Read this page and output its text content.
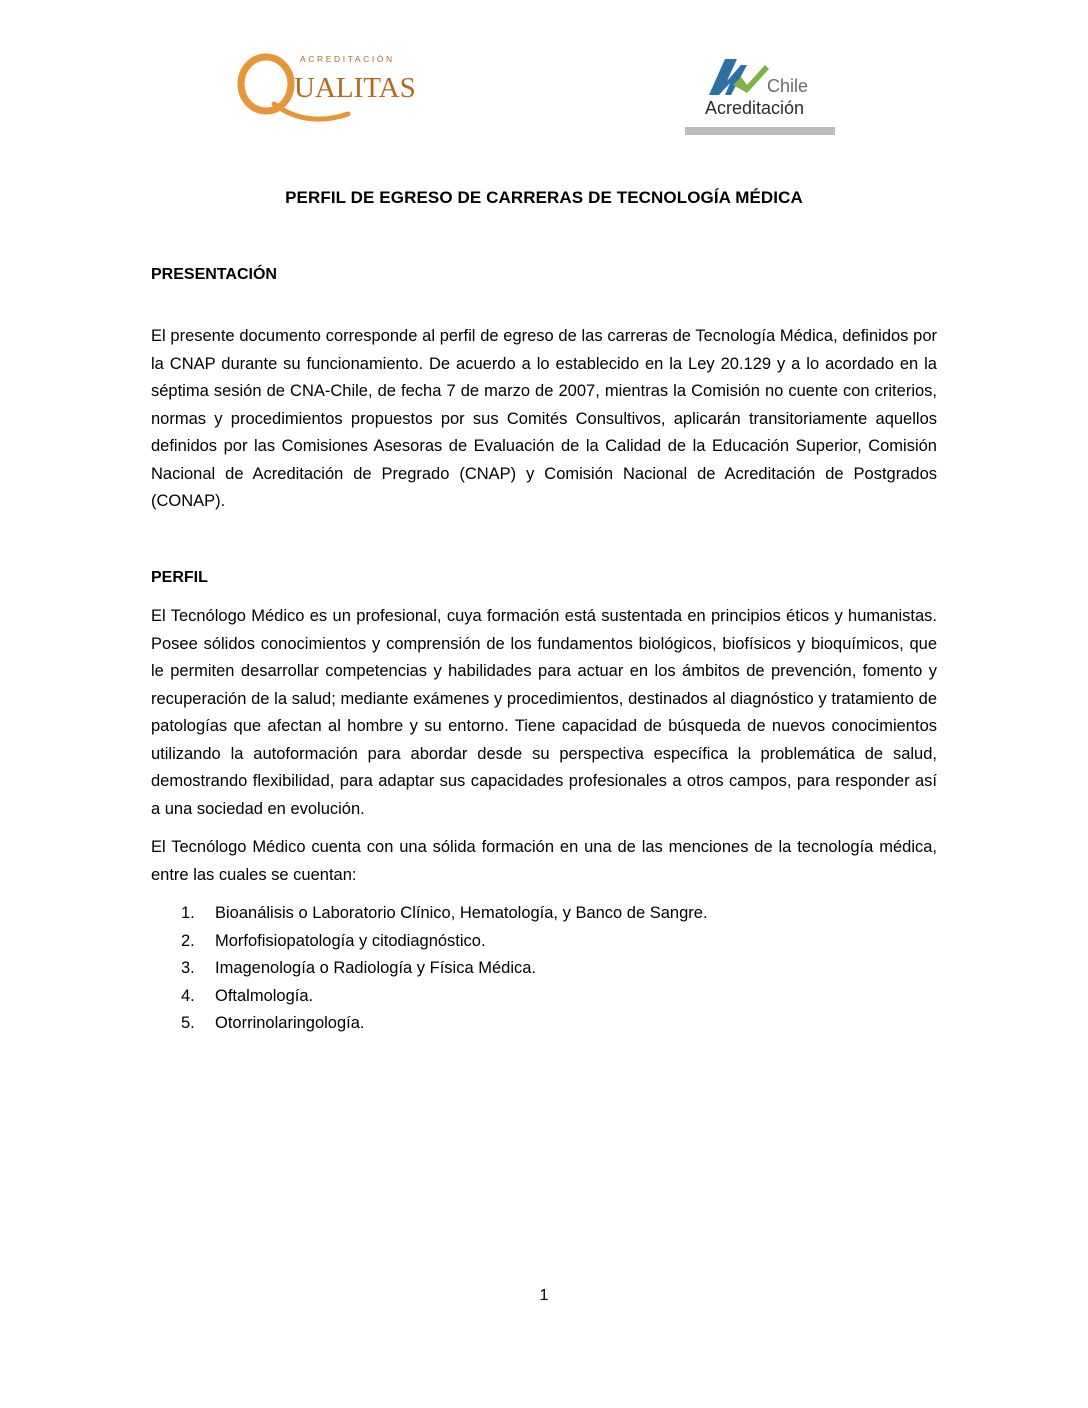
ACREDITACIÓN
UALITAS	Chile
Acreditación
PERFIL DE EGRESO DE CARRERAS DE TECNOLOGÍA MÉDICA
PRESENTACIÓN

El presente documento corresponde al perfil de egreso de las carreras de Tecnología Médica, definidos por la CNAP durante su funcionamiento. De acuerdo a lo establecido en la Ley 20.129 y a lo acordado en la séptima sesión de CNA-Chile, de fecha 7 de marzo de 2007, mientras la Comisión no cuente con criterios, normas y procedimientos propuestos por sus Comités Consultivos, aplicarán transitoriamente aquellos definidos por las Comisiones Asesoras de Evaluación de la Calidad de la Educación Superior, Comisión Nacional de Acreditación de Pregrado (CNAP) y Comisión Nacional de Acreditación de Postgrados (CONAP).

PERFIL

El Tecnólogo Médico es un profesional, cuya formación está sustentada en principios éticos y humanistas. Posee sólidos conocimientos y comprensión de los fundamentos biológicos, biofísicos y bioquímicos, que le permiten desarrollar competencias y habilidades para actuar en los ámbitos de prevención, fomento y recuperación de la salud; mediante exámenes y procedimientos, destinados al diagnóstico y tratamiento de patologías que afectan al hombre y su entorno. Tiene capacidad de búsqueda de nuevos conocimientos utilizando la autoformación para abordar desde su perspectiva específica la problemática de salud, demostrando flexibilidad, para adaptar sus capacidades profesionales a otros campos, para responder así a una sociedad en evolución.

El Tecnólogo Médico cuenta con una sólida formación en una de las menciones de la tecnología médica, entre las cuales se cuentan:

1. Bioanálisis o Laboratorio Clínico, Hematología, y Banco de Sangre.
2. Morfofisiopatología y citodiagnóstico.
3. Imagenología o Radiología y Física Médica.
4. Oftalmología.
5. Otorrinolaringología.
1
